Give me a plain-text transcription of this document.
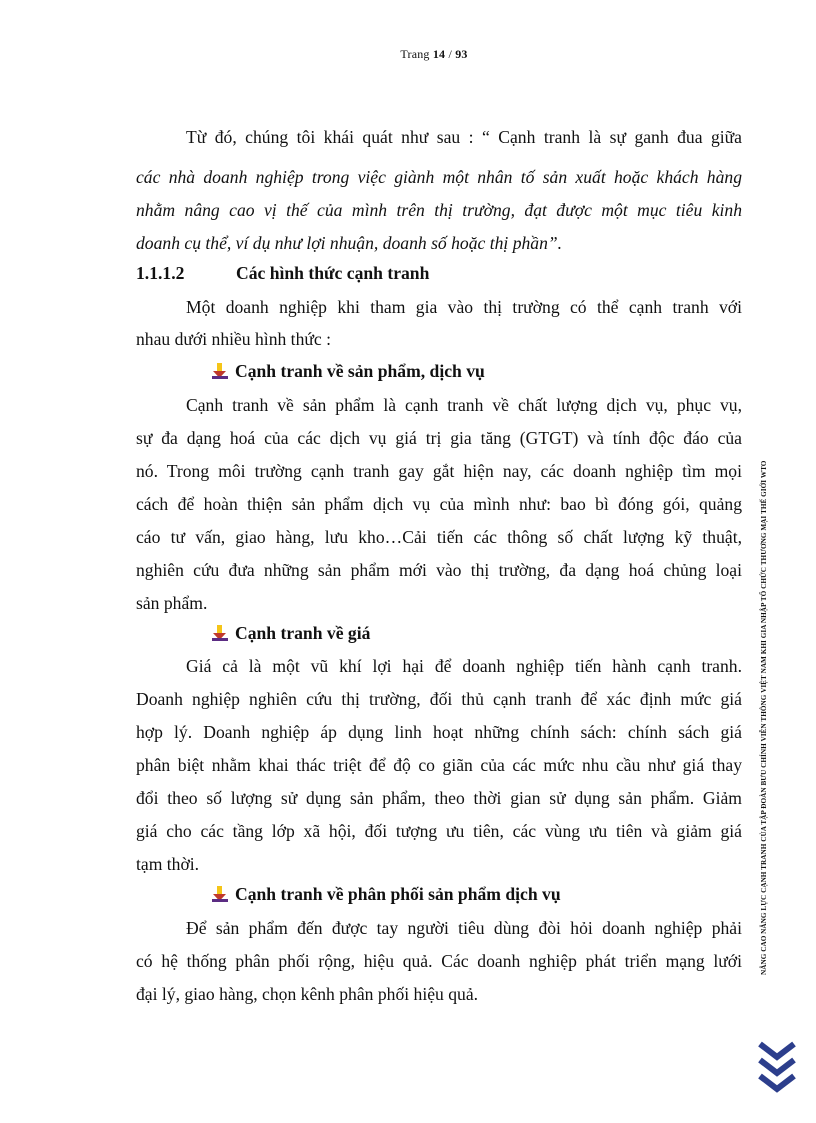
Trang 14 / 93
Từ đó, chúng tôi khái quát như sau : “ Cạnh tranh là sự ganh đua giữa
các nhà doanh nghiệp trong việc giành một nhân tố sản xuất hoặc khách hàng
nhằm nâng cao vị thế của mình trên thị trường, đạt được một mục tiêu kinh
doanh cụ thể, ví dụ như lợi nhuận, doanh số hoặc thị phần”.
1.1.1.2	Các hình thức cạnh tranh
Một doanh nghiệp khi tham gia vào thị trường có thể cạnh tranh với
nhau dưới nhiều hình thức :
Cạnh tranh về sản phẩm, dịch vụ
Cạnh tranh về sản phẩm là cạnh tranh về chất lượng dịch vụ, phục vụ,
sự đa dạng hoá của các dịch vụ giá trị gia tăng (GTGT) và tính độc đáo của
nó. Trong môi trường cạnh tranh gay gắt hiện nay, các doanh nghiệp tìm mọi
cách để hoàn thiện sản phẩm dịch vụ của mình như: bao bì đóng gói, quảng
cáo tư vấn, giao hàng, lưu kho…Cải tiến các thông số chất lượng kỹ thuật,
nghiên cứu đưa những sản phẩm mới vào thị trường, đa dạng hoá chủng loại
sản phẩm.
Cạnh tranh về giá
Giá cả là một vũ khí lợi hại để doanh nghiệp tiến hành cạnh tranh.
Doanh nghiệp nghiên cứu thị trường, đối thủ cạnh tranh để xác định mức giá
hợp lý. Doanh nghiệp áp dụng linh hoạt những chính sách: chính sách giá
phân biệt nhằm khai thác triệt để độ co giãn của các mức nhu cầu như giá thay
đổi theo số lượng sử dụng sản phẩm, theo thời gian sử dụng sản phẩm. Giảm
giá cho các tầng lớp xã hội, đối tượng ưu tiên, các vùng ưu tiên và giảm giá
tạm thời.
Cạnh tranh về phân phối sản phẩm dịch vụ
Để sản phẩm đến được tay người tiêu dùng đòi hỏi doanh nghiệp phải
có hệ thống phân phối rộng, hiệu quả. Các doanh nghiệp phát triển mạng lưới
đại lý, giao hàng, chọn kênh phân phối hiệu quả.
NÂNG CAO NĂNG LỰC CẠNH TRANH CỦA TẬP ĐOÀN BƯU CHÍNH VIỄN THÔNG VIỆT NAM KHI GIA NHẬP TỔ CHỨC THƯƠNG MẠI THẾ GIỚI WTO
